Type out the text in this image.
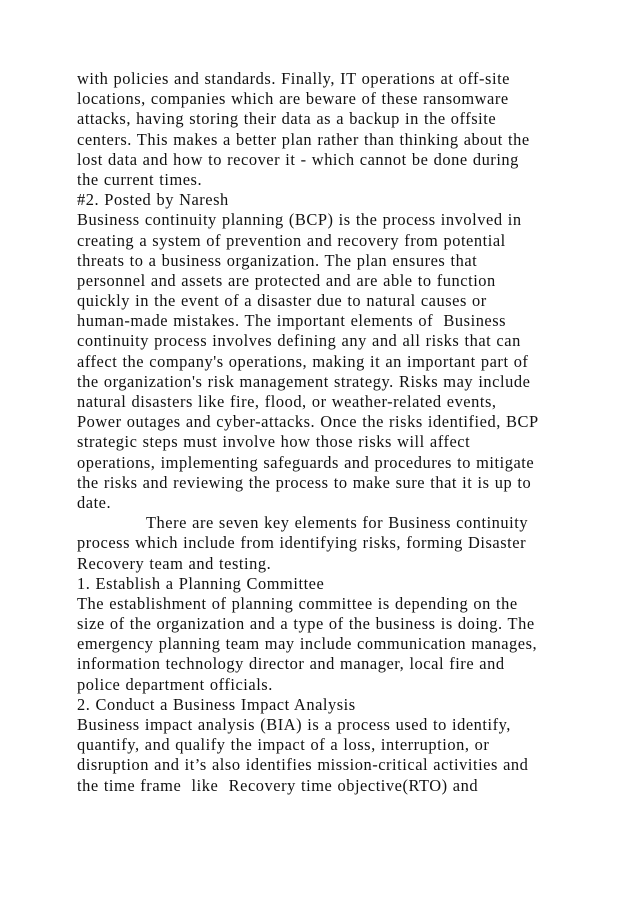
with policies and standards. Finally, IT operations at off-site
locations, companies which are beware of these ransomware
attacks, having storing their data as a backup in the offsite
centers. This makes a better plan rather than thinking about the
lost data and how to recover it - which cannot be done during
the current times.
#2. Posted by Naresh
Business continuity planning (BCP) is the process involved in
creating a system of prevention and recovery from potential
threats to a business organization. The plan ensures that
personnel and assets are protected and are able to function
quickly in the event of a disaster due to natural causes or
human-made mistakes. The important elements of  Business
continuity process involves defining any and all risks that can
affect the company's operations, making it an important part of
the organization's risk management strategy. Risks may include
natural disasters like fire, flood, or weather-related events,
Power outages and cyber-attacks. Once the risks identified, BCP
strategic steps must involve how those risks will affect
operations, implementing safeguards and procedures to mitigate
the risks and reviewing the process to make sure that it is up to
date.
There are seven key elements for Business continuity
process which include from identifying risks, forming Disaster
Recovery team and testing.
1. Establish a Planning Committee
The establishment of planning committee is depending on the
size of the organization and a type of the business is doing. The
emergency planning team may include communication manages,
information technology director and manager, local fire and
police department officials.
2. Conduct a Business Impact Analysis
Business impact analysis (BIA) is a process used to identify,
quantify, and qualify the impact of a loss, interruption, or
disruption and it’s also identifies mission-critical activities and
the time frame  like  Recovery time objective(RTO) and
